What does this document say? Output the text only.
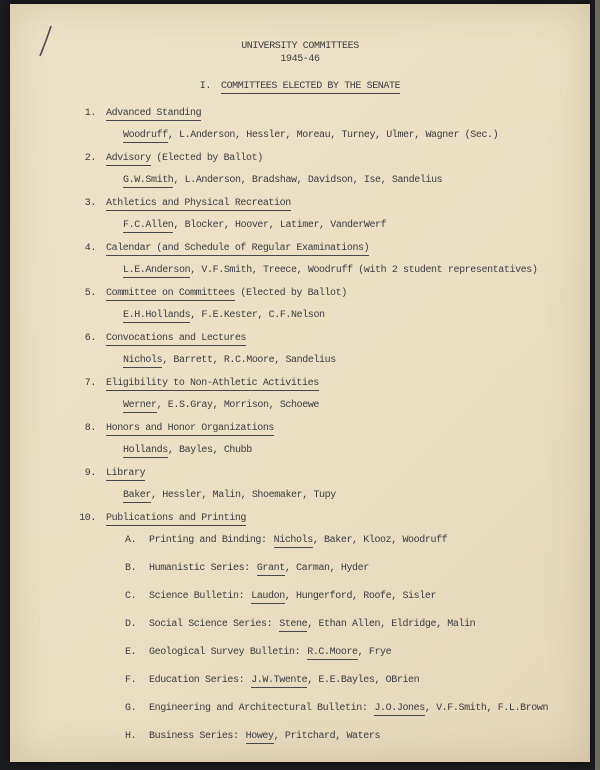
UNIVERSITY COMMITTEES
1945-46
I. COMMITTEES ELECTED BY THE SENATE
1. Advanced Standing
Woodruff, L.Anderson, Hessler, Moreau, Turney, Ulmer, Wagner (Sec.)
2. Advisory (Elected by Ballot)
G.W.Smith, L.Anderson, Bradshaw, Davidson, Ise, Sandelius
3. Athletics and Physical Recreation
F.C.Allen, Blocker, Hoover, Latimer, VanderWerf
4. Calendar (and Schedule of Regular Examinations)
L.E.Anderson, V.F.Smith, Treece, Woodruff (with 2 student representatives)
5. Committee on Committees (Elected by Ballot)
E.H.Hollands, F.E.Kester, C.F.Nelson
6. Convocations and Lectures
Nichols, Barrett, R.C.Moore, Sandelius
7. Eligibility to Non-Athletic Activities
Werner, E.S.Gray, Morrison, Schoewe
8. Honors and Honor Organizations
Hollands, Bayles, Chubb
9. Library
Baker, Hessler, Malin, Shoemaker, Tupy
10. Publications and Printing
A. Printing and Binding: Nichols, Baker, Klooz, Woodruff
B. Humanistic Series: Grant, Carman, Hyder
C. Science Bulletin: Laudon, Hungerford, Roofe, Sisler
D. Social Science Series: Stene, Ethan Allen, Eldridge, Malin
E. Geological Survey Bulletin: R.C.Moore, Frye
F. Education Series: J.W.Twente, E.E.Bayles, OBrien
G. Engineering and Architectural Bulletin: J.O.Jones, V.F.Smith, F.L.Brown
H. Business Series: Howey, Pritchard, Waters
